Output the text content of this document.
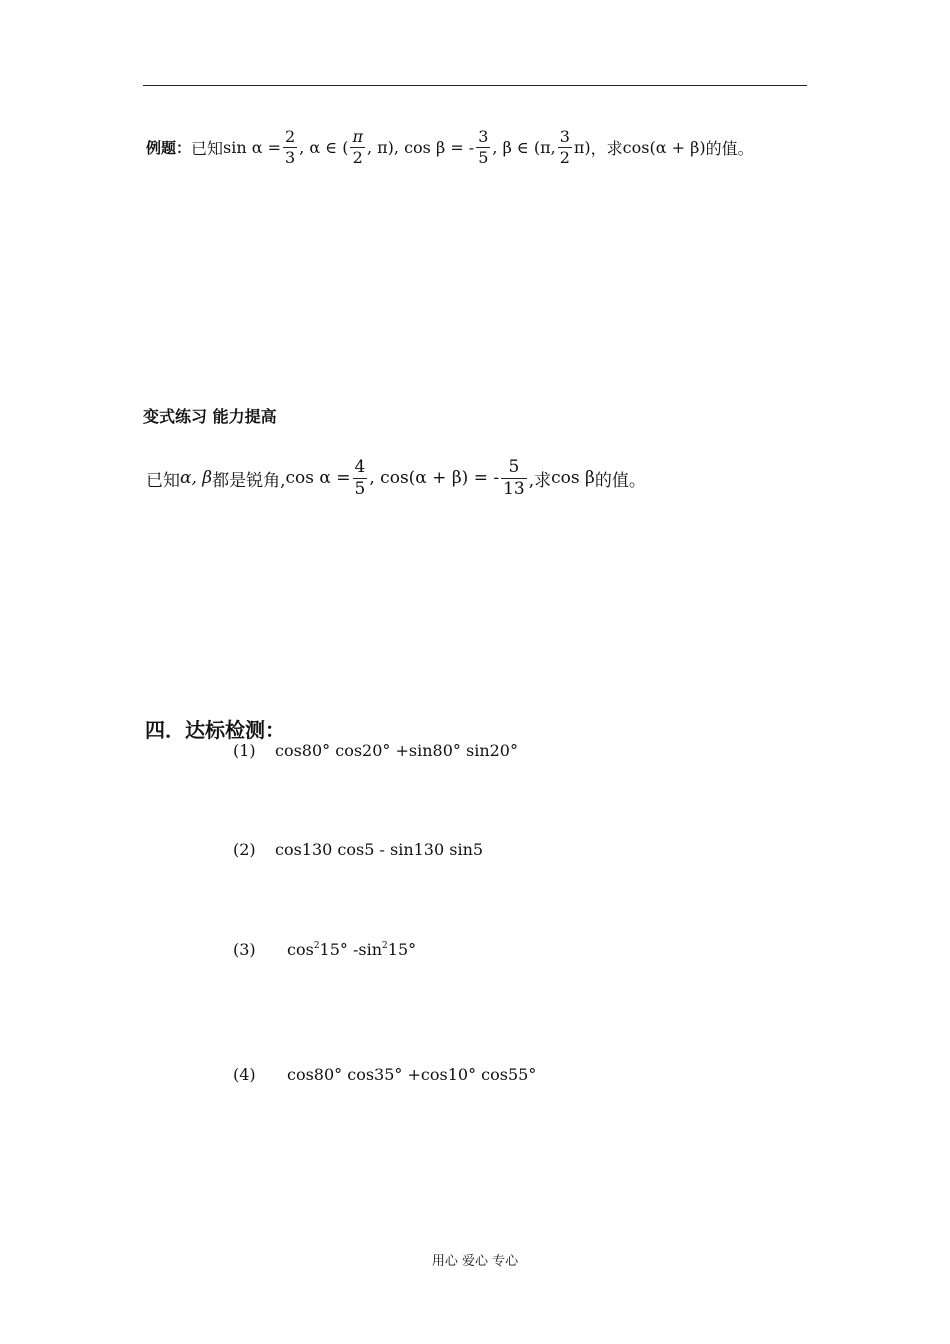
例题： 已知 $\sin \alpha = \frac{2}{3}$ , α ∈ ( $\frac{\pi}{2}$ , π), cos β = - $\frac{3}{5}$ , β ∈ (π, $\frac{3}{2} \pi$) ，求 cos(α + β) 的值。
变式练习 能力提高
已知 α, β 都是锐角, $\cos \alpha = \frac{4}{5}$ , cos(α + β) = - $\frac{5}{13}$ ,求 cos β 的值。
四．达标检测：
(1) cos80° cos20° +sin80° sin20°
(2) cos130 cos5 - sin130 sin5
(3) $\cos^215^\circ$ $-\sin^215^\circ$
(4) cos80° cos35° +cos10° cos55°
用心 爱心 专心
